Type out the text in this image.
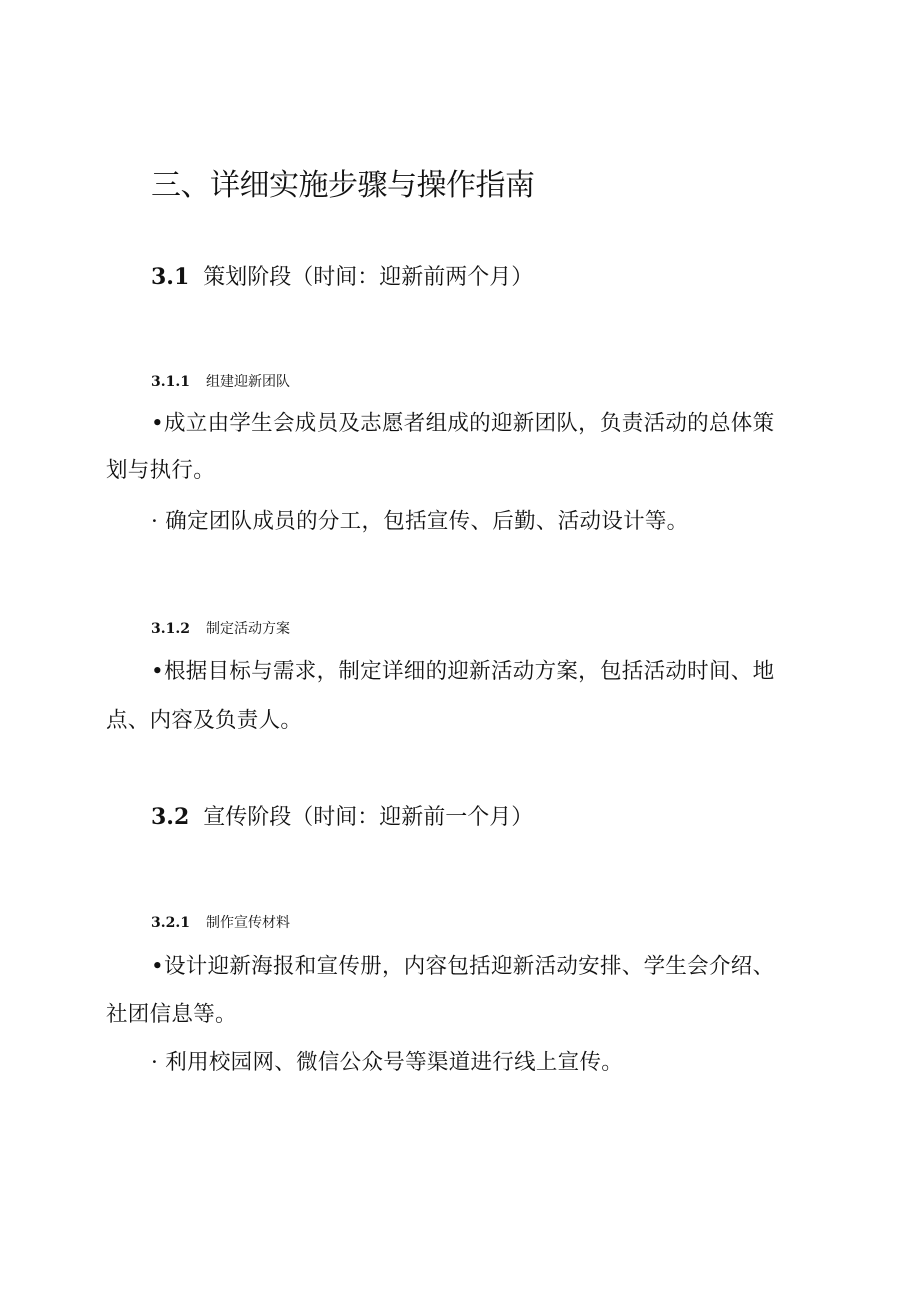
三、详细实施步骤与操作指南
3.1 策划阶段（时间：迎新前两个月）
3.1.1 组建迎新团队
•成立由学生会成员及志愿者组成的迎新团队，负责活动的总体策
划与执行。
· 确定团队成员的分工，包括宣传、后勤、活动设计等。
3.1.2 制定活动方案
•根据目标与需求，制定详细的迎新活动方案，包括活动时间、地
点、内容及负责人。
3.2 宣传阶段（时间：迎新前一个月）
3.2.1 制作宣传材料
•设计迎新海报和宣传册，内容包括迎新活动安排、学生会介绍、
社团信息等。
· 利用校园网、微信公众号等渠道进行线上宣传。
